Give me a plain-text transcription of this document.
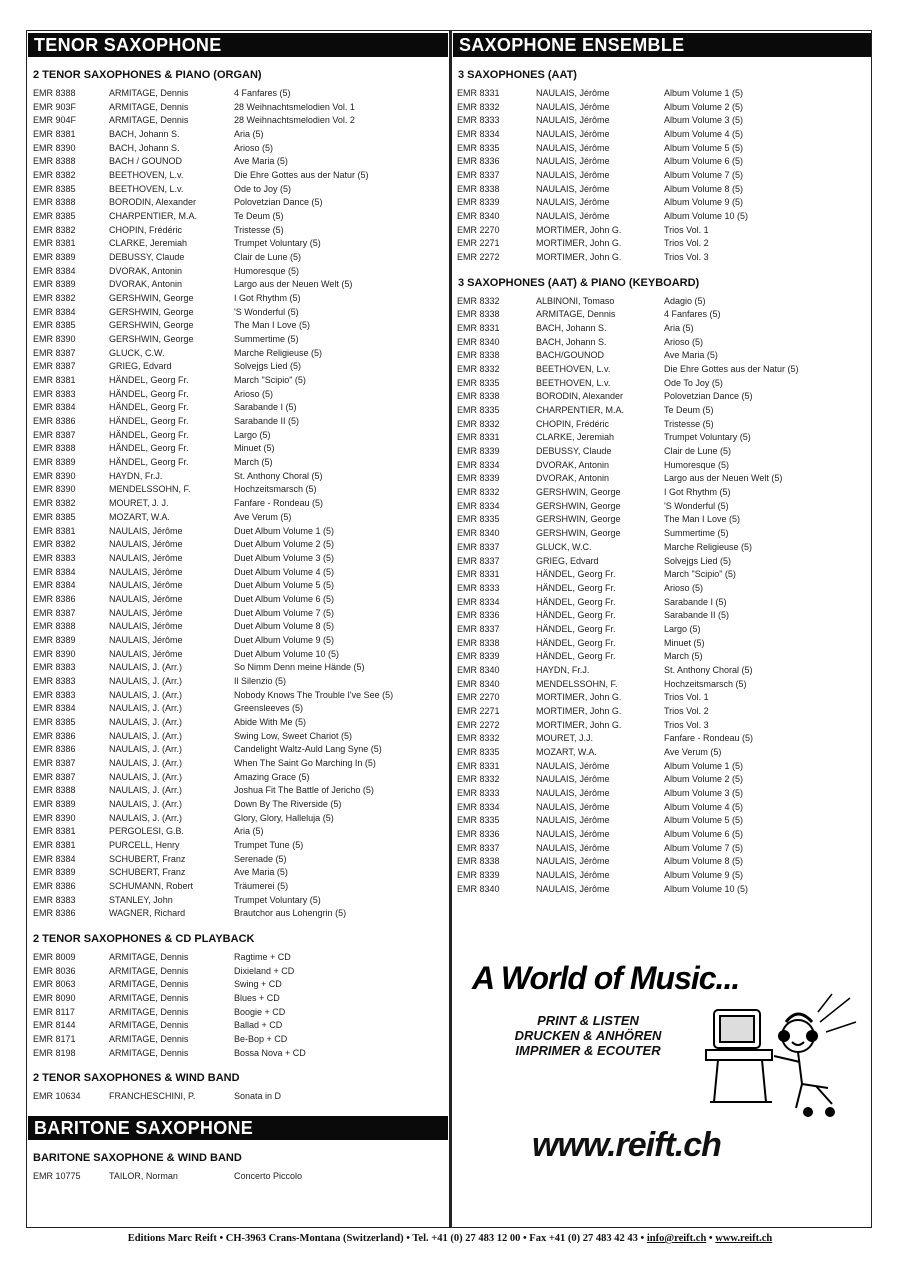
TENOR SAXOPHONE
2 TENOR SAXOPHONES & PIANO (ORGAN)
EMR 8388	ARMITAGE, Dennis	4 Fanfares (5)
EMR 903F	ARMITAGE, Dennis	28 Weihnachtsmelodien Vol. 1
EMR 904F	ARMITAGE, Dennis	28 Weihnachtsmelodien Vol. 2
EMR 8381	BACH, Johann S.	Aria (5)
EMR 8390	BACH, Johann S.	Arioso (5)
EMR 8388	BACH / GOUNOD	Ave Maria (5)
EMR 8382	BEETHOVEN, L.v.	Die Ehre Gottes aus der Natur (5)
EMR 8385	BEETHOVEN, L.v.	Ode to Joy (5)
EMR 8388	BORODIN, Alexander	Polovetzian Dance (5)
EMR 8385	CHARPENTIER, M.A.	Te Deum (5)
EMR 8382	CHOPIN, Frédéric	Tristesse (5)
EMR 8381	CLARKE, Jeremiah	Trumpet Voluntary (5)
EMR 8389	DEBUSSY, Claude	Clair de Lune (5)
EMR 8384	DVORAK, Antonin	Humoresque (5)
EMR 8389	DVORAK, Antonin	Largo aus der Neuen Welt (5)
EMR 8382	GERSHWIN, George	I Got Rhythm (5)
EMR 8384	GERSHWIN, George	'S Wonderful (5)
EMR 8385	GERSHWIN, George	The Man I Love (5)
EMR 8390	GERSHWIN, George	Summertime (5)
EMR 8387	GLUCK, C.W.	Marche Religieuse (5)
EMR 8387	GRIEG, Edvard	Solvejgs Lied (5)
EMR 8381	HÄNDEL, Georg Fr.	March "Scipio" (5)
EMR 8383	HÄNDEL, Georg Fr.	Arioso (5)
EMR 8384	HÄNDEL, Georg Fr.	Sarabande I (5)
EMR 8386	HÄNDEL, Georg Fr.	Sarabande II (5)
EMR 8387	HÄNDEL, Georg Fr.	Largo (5)
EMR 8388	HÄNDEL, Georg Fr.	Minuet (5)
EMR 8389	HÄNDEL, Georg Fr.	March (5)
EMR 8390	HAYDN, Fr.J.	St. Anthony Choral (5)
EMR 8390	MENDELSSOHN, F.	Hochzeitsmarsch (5)
EMR 8382	MOURET, J. J.	Fanfare - Rondeau (5)
EMR 8385	MOZART, W.A.	Ave Verum (5)
EMR 8381	NAULAIS, Jérôme	Duet Album Volume 1 (5)
EMR 8382	NAULAIS, Jérôme	Duet Album Volume 2 (5)
EMR 8383	NAULAIS, Jérôme	Duet Album Volume 3 (5)
EMR 8384	NAULAIS, Jérôme	Duet Album Volume 4 (5)
EMR 8384	NAULAIS, Jérôme	Duet Album Volume 5 (5)
EMR 8386	NAULAIS, Jérôme	Duet Album Volume 6 (5)
EMR 8387	NAULAIS, Jérôme	Duet Album Volume 7 (5)
EMR 8388	NAULAIS, Jérôme	Duet Album Volume 8 (5)
EMR 8389	NAULAIS, Jérôme	Duet Album Volume 9 (5)
EMR 8390	NAULAIS, Jérôme	Duet Album Volume 10 (5)
EMR 8383	NAULAIS, J. (Arr.)	So Nimm Denn meine Hände (5)
EMR 8383	NAULAIS, J. (Arr.)	Il Silenzio (5)
EMR 8383	NAULAIS, J. (Arr.)	Nobody Knows The Trouble I've See (5)
EMR 8384	NAULAIS, J. (Arr.)	Greensleeves (5)
EMR 8385	NAULAIS, J. (Arr.)	Abide With Me (5)
EMR 8386	NAULAIS, J. (Arr.)	Swing Low, Sweet Chariot (5)
EMR 8386	NAULAIS, J. (Arr.)	Candelight Waltz-Auld Lang Syne (5)
EMR 8387	NAULAIS, J. (Arr.)	When The Saint Go Marching In (5)
EMR 8387	NAULAIS, J. (Arr.)	Amazing Grace (5)
EMR 8388	NAULAIS, J. (Arr.)	Joshua Fit The Battle of Jericho (5)
EMR 8389	NAULAIS, J. (Arr.)	Down By The Riverside (5)
EMR 8390	NAULAIS, J. (Arr.)	Glory, Glory, Halleluja (5)
EMR 8381	PERGOLESI, G.B.	Aria (5)
EMR 8381	PURCELL, Henry	Trumpet Tune (5)
EMR 8384	SCHUBERT, Franz	Serenade (5)
EMR 8389	SCHUBERT, Franz	Ave Maria (5)
EMR 8386	SCHUMANN, Robert	Träumerei (5)
EMR 8383	STANLEY, John	Trumpet Voluntary (5)
EMR 8386	WAGNER, Richard	Brautchor aus Lohengrin (5)
2 TENOR SAXOPHONES & CD PLAYBACK
EMR 8009	ARMITAGE, Dennis	Ragtime + CD
EMR 8036	ARMITAGE, Dennis	Dixieland + CD
EMR 8063	ARMITAGE, Dennis	Swing + CD
EMR 8090	ARMITAGE, Dennis	Blues + CD
EMR 8117	ARMITAGE, Dennis	Boogie + CD
EMR 8144	ARMITAGE, Dennis	Ballad + CD
EMR 8171	ARMITAGE, Dennis	Be-Bop + CD
EMR 8198	ARMITAGE, Dennis	Bossa Nova + CD
2 TENOR SAXOPHONES & WIND BAND
EMR 10634	FRANCHESCHINI, P.	Sonata in D
BARITONE SAXOPHONE
BARITONE SAXOPHONE & WIND BAND
EMR 10775	TAILOR, Norman	Concerto Piccolo
SAXOPHONE ENSEMBLE
3 SAXOPHONES (AAT)
EMR 8331	NAULAIS, Jérôme	Album Volume 1 (5)
EMR 8332	NAULAIS, Jérôme	Album Volume 2 (5)
EMR 8333	NAULAIS, Jérôme	Album Volume 3 (5)
EMR 8334	NAULAIS, Jérôme	Album Volume 4 (5)
EMR 8335	NAULAIS, Jérôme	Album Volume 5 (5)
EMR 8336	NAULAIS, Jérôme	Album Volume 6 (5)
EMR 8337	NAULAIS, Jérôme	Album Volume 7 (5)
EMR 8338	NAULAIS, Jérôme	Album Volume 8 (5)
EMR 8339	NAULAIS, Jérôme	Album Volume 9 (5)
EMR 8340	NAULAIS, Jérôme	Album Volume 10 (5)
EMR 2270	MORTIMER, John G.	Trios Vol. 1
EMR 2271	MORTIMER, John G.	Trios Vol. 2
EMR 2272	MORTIMER, John G.	Trios Vol. 3
3 SAXOPHONES (AAT) & PIANO (KEYBOARD)
EMR 8332	ALBINONI, Tomaso	Adagio (5)
EMR 8338	ARMITAGE, Dennis	4 Fanfares (5)
EMR 8331	BACH, Johann S.	Aria (5)
EMR 8340	BACH, Johann S.	Arioso (5)
EMR 8338	BACH/GOUNOD	Ave Maria (5)
EMR 8332	BEETHOVEN, L.v.	Die Ehre Gottes aus der Natur (5)
EMR 8335	BEETHOVEN, L.v.	Ode To Joy (5)
EMR 8338	BORODIN, Alexander	Polovetzian Dance (5)
EMR 8335	CHARPENTIER, M.A.	Te Deum (5)
EMR 8332	CHOPIN, Frédéric	Tristesse (5)
EMR 8331	CLARKE, Jeremiah	Trumpet Voluntary (5)
EMR 8339	DEBUSSY, Claude	Clair de Lune (5)
EMR 8334	DVORAK, Antonin	Humoresque (5)
EMR 8339	DVORAK, Antonin	Largo aus der Neuen Welt (5)
EMR 8332	GERSHWIN, George	I Got Rhythm (5)
EMR 8334	GERSHWIN, George	'S Wonderful (5)
EMR 8335	GERSHWIN, George	The Man I Love (5)
EMR 8340	GERSHWIN, George	Summertime (5)
EMR 8337	GLUCK, W.C.	Marche Religieuse (5)
EMR 8337	GRIEG, Edvard	Solvejgs Lied (5)
EMR 8331	HÄNDEL, Georg Fr.	March "Scipio" (5)
EMR 8333	HÄNDEL, Georg Fr.	Arioso (5)
EMR 8334	HÄNDEL, Georg Fr.	Sarabande I (5)
EMR 8336	HÄNDEL, Georg Fr.	Sarabande II (5)
EMR 8337	HÄNDEL, Georg Fr.	Largo (5)
EMR 8338	HÄNDEL, Georg Fr.	Minuet (5)
EMR 8339	HÄNDEL, Georg Fr.	March (5)
EMR 8340	HAYDN, Fr.J.	St. Anthony Choral (5)
EMR 8340	MENDELSSOHN, F.	Hochzeitsmarsch (5)
EMR 2270	MORTIMER, John G.	Trios Vol. 1
EMR 2271	MORTIMER, John G.	Trios Vol. 2
EMR 2272	MORTIMER, John G.	Trios Vol. 3
EMR 8332	MOURET, J.J.	Fanfare - Rondeau (5)
EMR 8335	MOZART, W.A.	Ave Verum (5)
EMR 8331	NAULAIS, Jérôme	Album Volume 1 (5)
EMR 8332	NAULAIS, Jérôme	Album Volume 2 (5)
EMR 8333	NAULAIS, Jérôme	Album Volume 3 (5)
EMR 8334	NAULAIS, Jérôme	Album Volume 4 (5)
EMR 8335	NAULAIS, Jérôme	Album Volume 5 (5)
EMR 8336	NAULAIS, Jérôme	Album Volume 6 (5)
EMR 8337	NAULAIS, Jérôme	Album Volume 7 (5)
EMR 8338	NAULAIS, Jérôme	Album Volume 8 (5)
EMR 8339	NAULAIS, Jérôme	Album Volume 9 (5)
EMR 8340	NAULAIS, Jérôme	Album Volume 10 (5)
A World of Music...
PRINT & LISTEN
DRUCKEN & ANHÖREN
IMPRIMER & ECOUTER
www.reift.ch
Editions Marc Reift • CH-3963 Crans-Montana (Switzerland) • Tel. +41 (0) 27 483 12 00 • Fax +41 (0) 27 483 42 43 • info@reift.ch • www.reift.ch
